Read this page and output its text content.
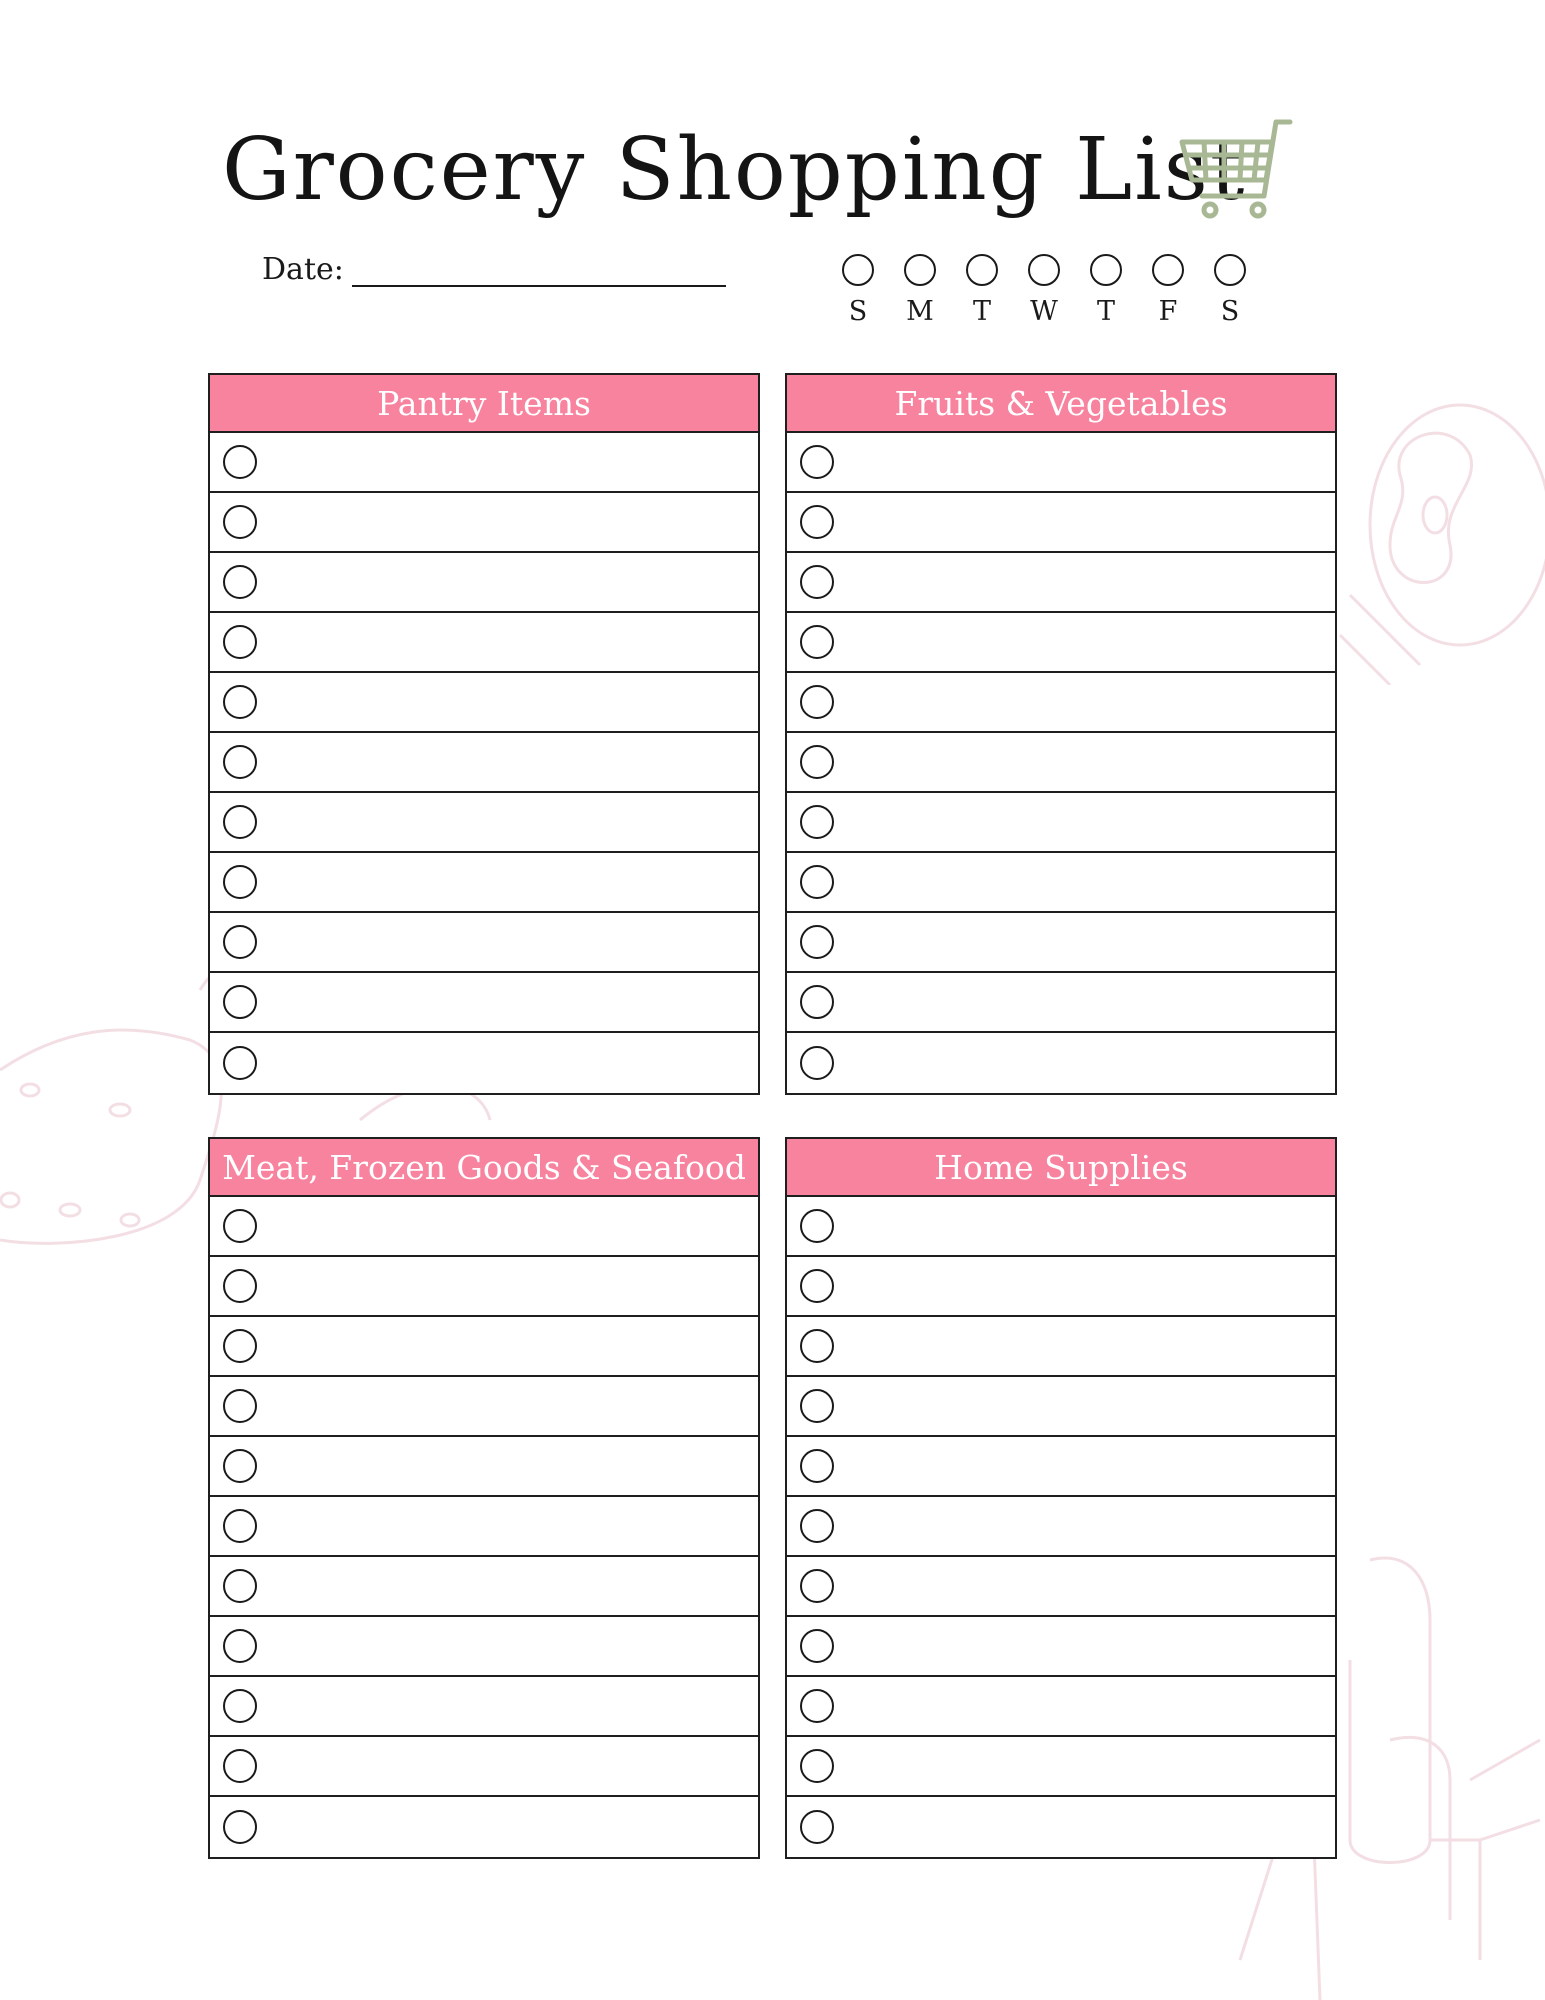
Grocery Shopping List
Date:
S M T W T F S
Pantry Items	Fruits & Vegetables
Meat, Frozen Goods & Seafood	Home Supplies
